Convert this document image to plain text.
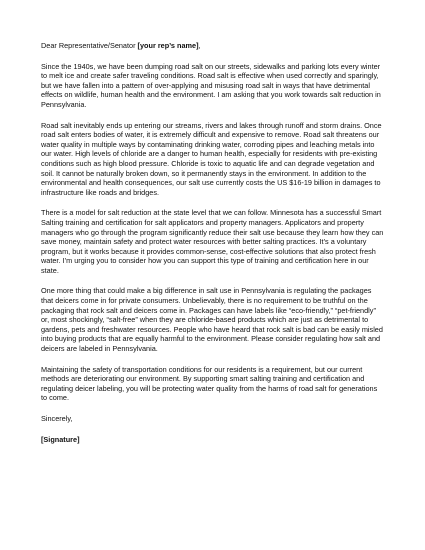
Dear Representative/Senator [your rep’s name],

Since the 1940s, we have been dumping road salt on our streets, sidewalks and parking lots every winter to melt ice and create safer traveling conditions. Road salt is effective when used correctly and sparingly, but we have fallen into a pattern of over-applying and misusing road salt in ways that have detrimental effects on wildlife, human health and the environment. I am asking that you work towards salt reduction in Pennsylvania.

Road salt inevitably ends up entering our streams, rivers and lakes through runoff and storm drains. Once road salt enters bodies of water, it is extremely difficult and expensive to remove. Road salt threatens our water quality in multiple ways by contaminating drinking water, corroding pipes and leaching metals into our water. High levels of chloride are a danger to human health, especially for residents with pre-existing conditions such as high blood pressure. Chloride is toxic to aquatic life and can degrade vegetation and soil. It cannot be naturally broken down, so it permanently stays in the environment. In addition to the environmental and health consequences, our salt use currently costs the US $16-19 billion in damages to infrastructure like roads and bridges.

There is a model for salt reduction at the state level that we can follow. Minnesota has a successful Smart Salting training and certification for salt applicators and property managers. Applicators and property managers who go through the program significantly reduce their salt use because they learn how they can save money, maintain safety and protect water resources with better salting practices. It’s a voluntary program, but it works because it provides common-sense, cost-effective solutions that also protect fresh water. I’m urging you to consider how you can support this type of training and certification here in our state.

One more thing that could make a big difference in salt use in Pennsylvania is regulating the packages that deicers come in for private consumers. Unbelievably, there is no requirement to be truthful on the packaging that rock salt and deicers come in. Packages can have labels like “eco-friendly,” “pet-friendly” or, most shockingly, “salt-free” when they are chloride-based products which are just as detrimental to gardens, pets and freshwater resources. People who have heard that rock salt is bad can be easily misled into buying products that are equally harmful to the environment. Please consider regulating how salt and deicers are labeled in Pennsylvania.

Maintaining the safety of transportation conditions for our residents is a requirement, but our current methods are deteriorating our environment. By supporting smart salting training and certification and regulating deicer labeling, you will be protecting water quality from the harms of road salt for generations to come.

Sincerely,

[Signature]
